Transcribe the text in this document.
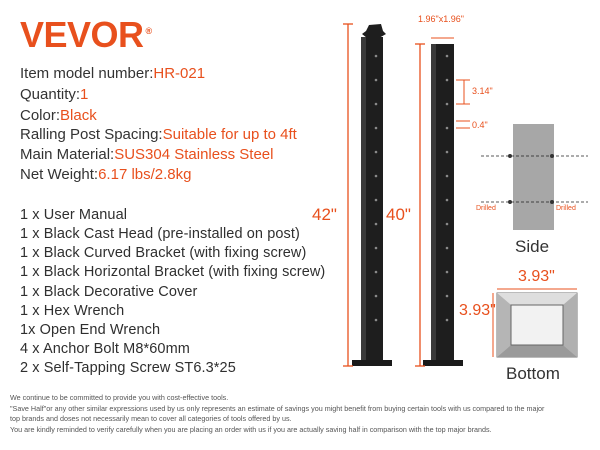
VEVOR ®
Item model number:HR-021
Quantity:1
Color:Black
Ralling Post Spacing:Suitable for up to 4ft
Main Material:SUS304 Stainless Steel
Net Weight:6.17 lbs/2.8kg
1 x User Manual
1 x Black Cast Head (pre-installed on post)
1 x Black Curved Bracket (with fixing screw)
1 x Black Horizontal Bracket (with fixing screw)
1 x Black Decorative Cover
1 x Hex Wrench
1x Open End Wrench
4 x Anchor Bolt M8*60mm
2 x Self-Tapping Screw ST6.3*25
We continue to be committed to provide you with cost-effective tools.
"Save Half"or any other similar expressions used by us only represents an estimate of savings you might benefit from buying certain tools with us compared to the major
top brands and doses not necessarily mean to cover all categories of tools offered by us.
You are kindly reminded to verify carefully when you are placing an order with us if you are actually saving half in comparison with the top major brands.
42"	40"
1.96"x1.96"
3.14"
0.4"
Drilled	Drilled
Side
3.93"
3.93"
Bottom
